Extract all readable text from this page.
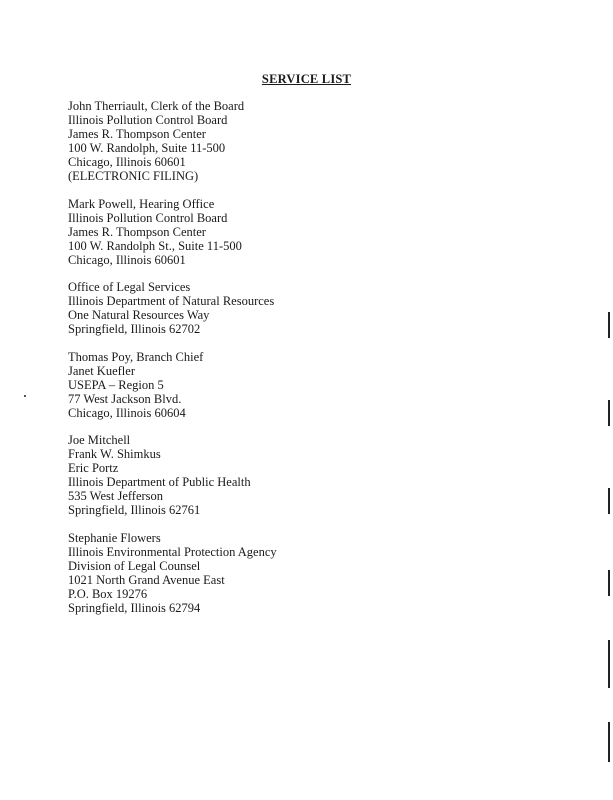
SERVICE LIST
John Therriault, Clerk of the Board
Illinois Pollution Control Board
James R. Thompson Center
100 W. Randolph, Suite 11-500
Chicago, Illinois 60601
(ELECTRONIC FILING)
Mark Powell, Hearing Office
Illinois Pollution Control Board
James R. Thompson Center
100 W. Randolph St., Suite 11-500
Chicago, Illinois 60601
Office of Legal Services
Illinois Department of Natural Resources
One Natural Resources Way
Springfield, Illinois 62702
Thomas Poy, Branch Chief
Janet Kuefler
USEPA – Region 5
77 West Jackson Blvd.
Chicago, Illinois 60604
Joe Mitchell
Frank W. Shimkus
Eric Portz
Illinois Department of Public Health
535 West Jefferson
Springfield, Illinois 62761
Stephanie Flowers
Illinois Environmental Protection Agency
Division of Legal Counsel
1021 North Grand Avenue East
P.O. Box 19276
Springfield, Illinois 62794
